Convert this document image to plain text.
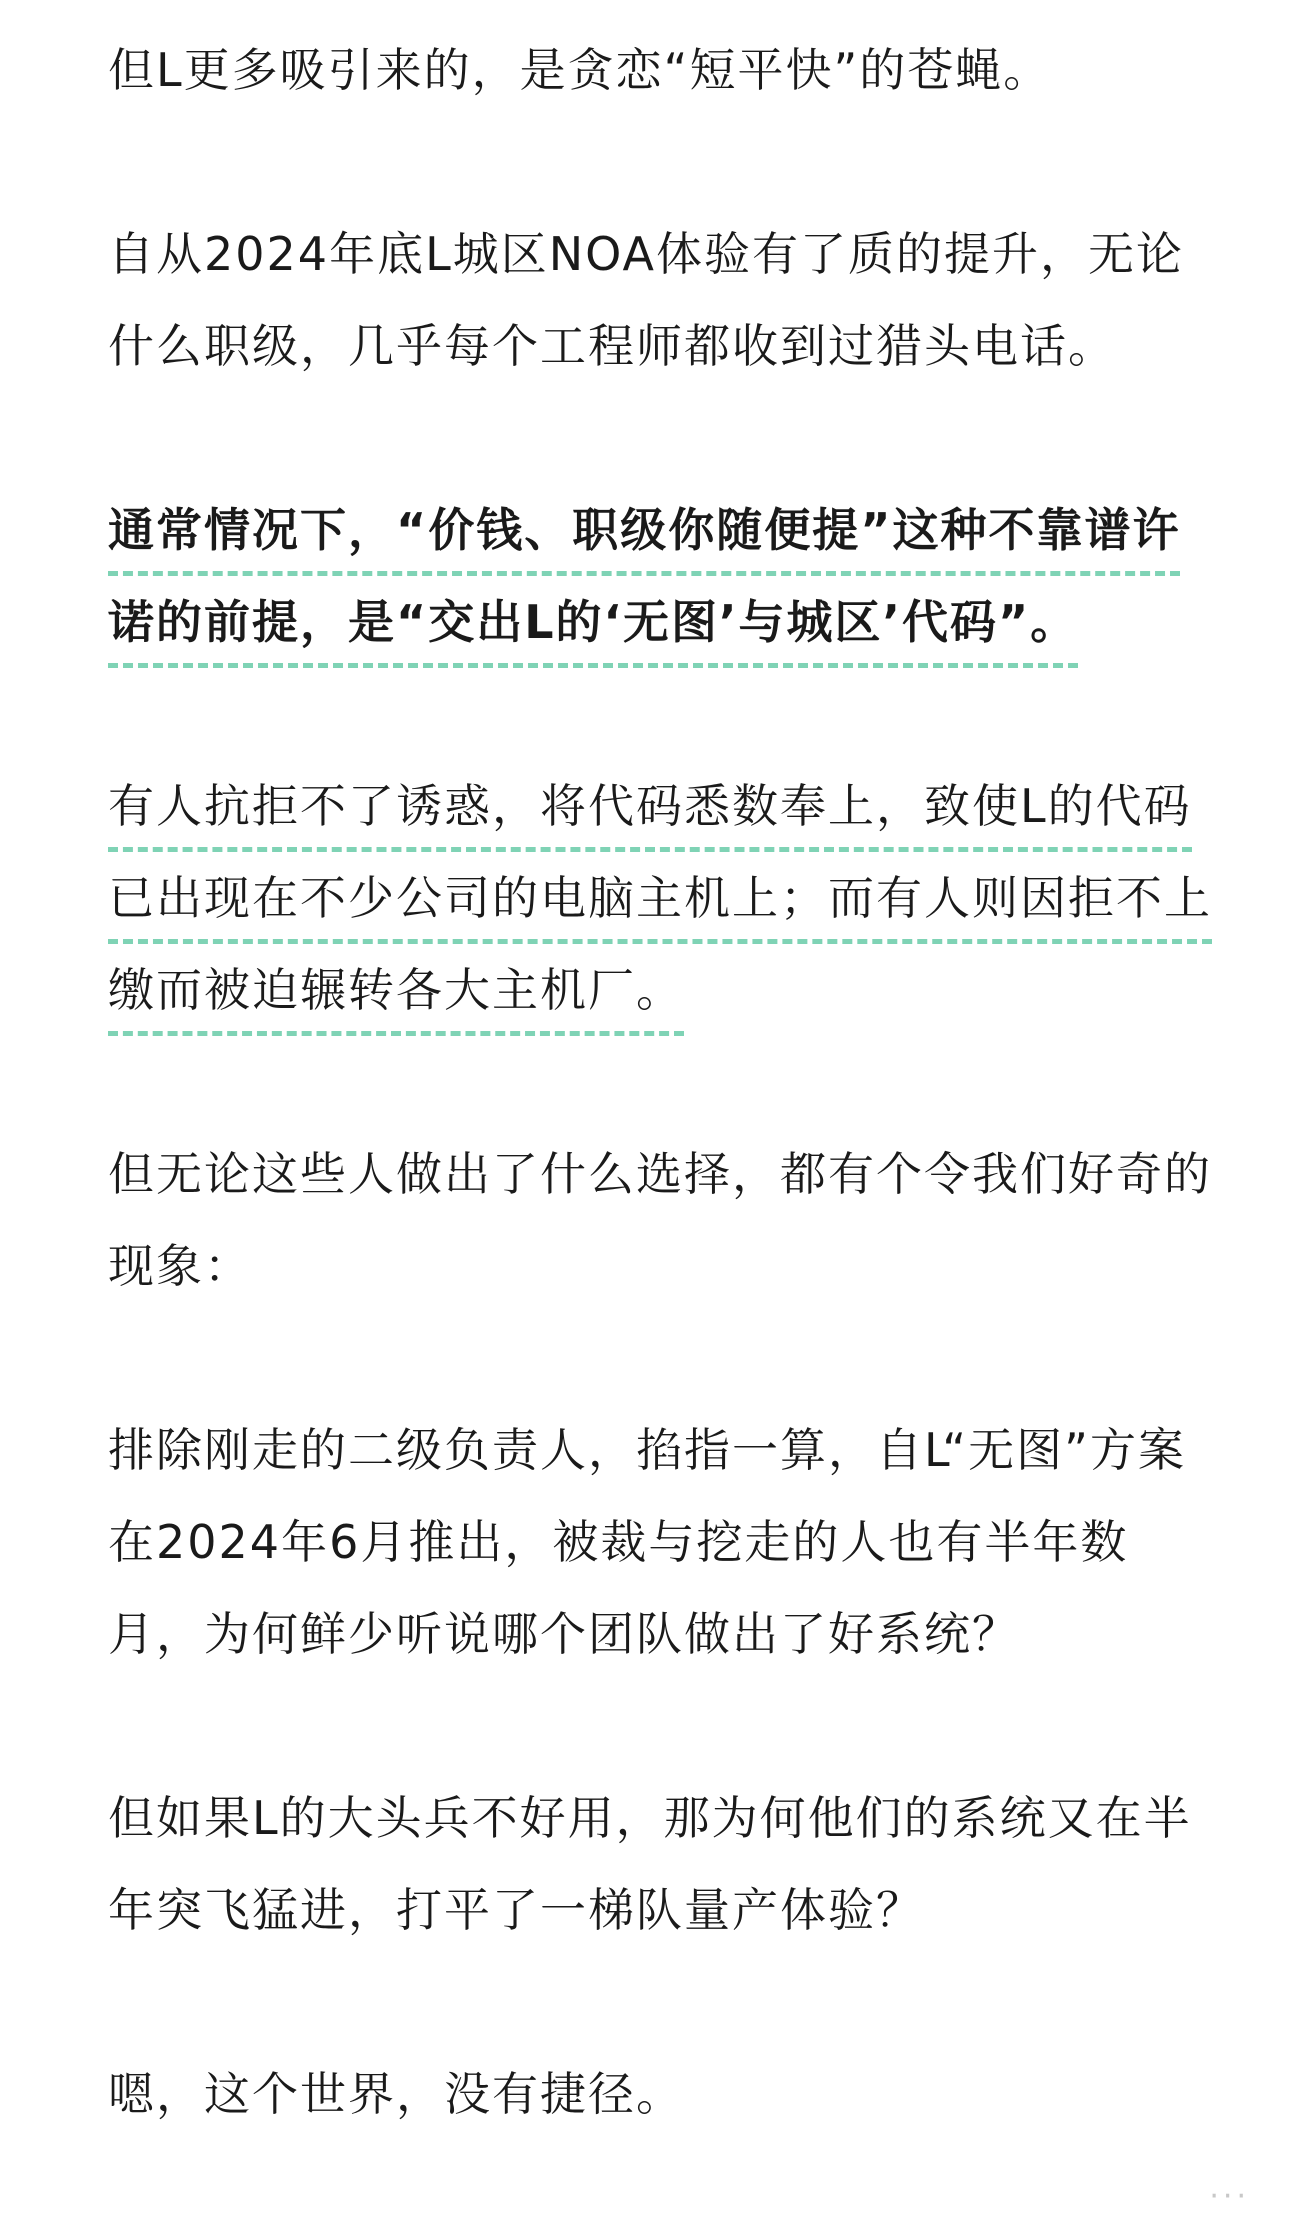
但L更多吸引来的，是贪恋“短平快”的苍蝇。
自从2024年底L城区NOA体验有了质的提升，无论
什么职级，几乎每个工程师都收到过猎头电话。
通常情况下，“价钱、职级你随便提”这种不靠谱许
诺的前提，是“交出L的‘无图’与城区’代码”。
有人抗拒不了诱惑，将代码悉数奉上，致使L的代码
已出现在不少公司的电脑主机上；而有人则因拒不上
缴而被迫辗转各大主机厂。
但无论这些人做出了什么选择，都有个令我们好奇的
现象：
排除刚走的二级负责人，掐指一算，自L“无图”方案
在2024年6月推出，被裁与挖走的人也有半年数
月，为何鲜少听说哪个团队做出了好系统？
但如果L的大头兵不好用，那为何他们的系统又在半
年突飞猛进，打平了一梯队量产体验？
嗯，这个世界，没有捷径。
···
